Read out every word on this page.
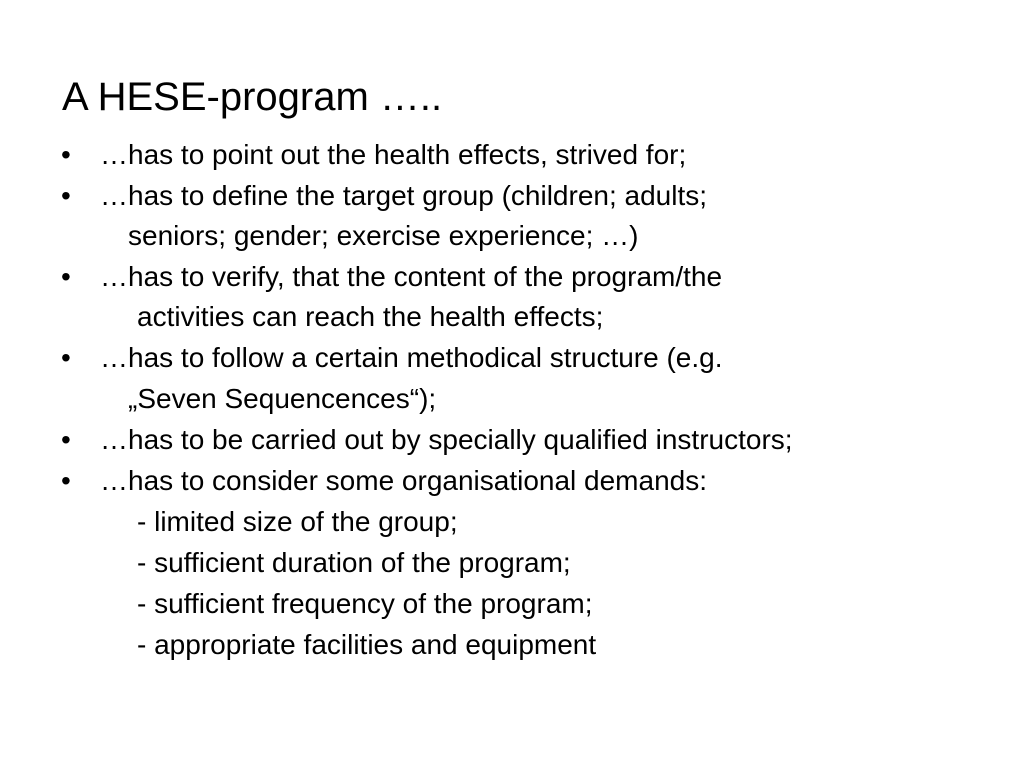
A HESE-program …..
• …has to point out the health effects, strived for;
• …has to define the target group (children; adults;
seniors; gender; exercise experience; …)
• …has to verify, that the content of the program/the
activities can reach the health effects;
• …has to follow a certain methodical structure (e.g.
„Seven Sequencences“);
• …has to be carried out by specially qualified instructors;
• …has to consider some organisational demands:
- limited size of the group;
- sufficient duration of the program;
- sufficient frequency of the program;
- appropriate facilities and equipment
